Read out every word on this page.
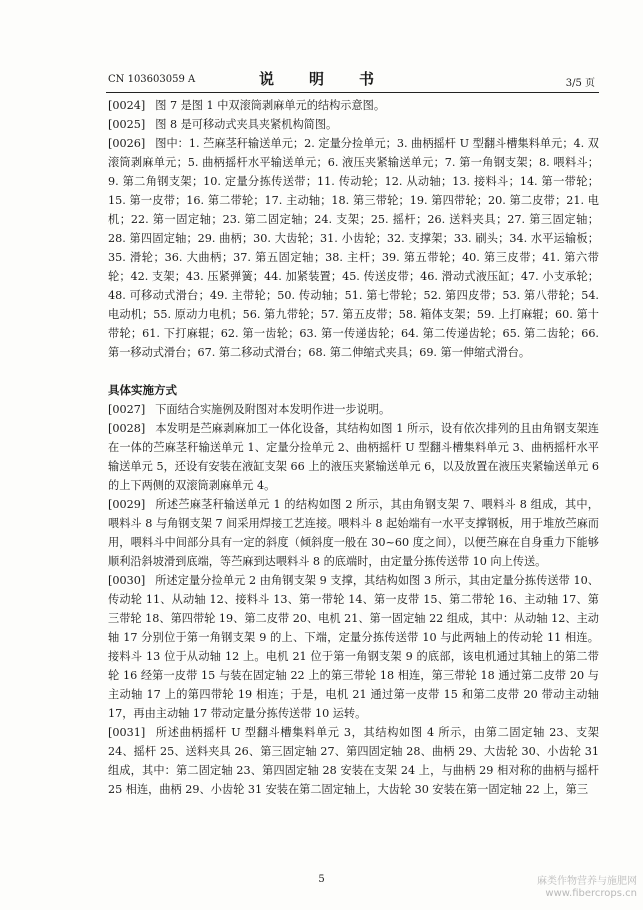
CN 103603059 A	说　明　书	3/5 页

[0024] 图 7 是图 1 中双滚筒剥麻单元的结构示意图。

[0025] 图 8 是可移动式夹具夹紧机构简图。

[0026] 图中：1. 苎麻茎秆输送单元；2. 定量分捡单元；3. 曲柄摇杆 U 型翻斗槽集料单元；4. 双滚筒剥麻单元；5. 曲柄摇杆水平输送单元；6. 液压夹紧输送单元；7. 第一角钢支架；8. 喂料斗；9. 第二角钢支架；10. 定量分拣传送带；11. 传动轮；12. 从动轴；13. 接料斗；14. 第一带轮；15. 第一皮带；16. 第二带轮；17. 主动轴；18. 第三带轮；19. 第四带轮；20. 第二皮带；21. 电机；22. 第一固定轴；23. 第二固定轴；24. 支架；25. 摇杆；26. 送料夹具；27. 第三固定轴；28. 第四固定轴；29. 曲柄；30. 大齿轮；31. 小齿轮；32. 支撑架；33. 刷头；34. 水平运输板；35. 滑轮；36. 大曲柄；37. 第五固定轴；38. 主杆；39. 第五带轮；40. 第三皮带；41. 第六带轮；42. 支架；43. 压紧弹簧；44. 加紧装置；45. 传送皮带；46. 滑动式液压缸；47. 小支承轮；48. 可移动式滑台；49. 主带轮；50. 传动轴；51. 第七带轮；52. 第四皮带；53. 第八带轮；54. 电动机；55. 原动力电机；56. 第九带轮；57. 第五皮带；58. 箱体支架；59. 上打麻辊；60. 第十带轮；61. 下打麻辊；62. 第一齿轮；63. 第一传递齿轮；64. 第二传递齿轮；65. 第二齿轮；66. 第一移动式滑台；67. 第二移动式滑台；68. 第二伸缩式夹具；69. 第一伸缩式滑台。

具体实施方式

[0027] 下面结合实施例及附图对本发明作进一步说明。

[0028] 本发明是苎麻剥麻加工一体化设备，其结构如图 1 所示，设有依次排列的且由角钢支架连在一体的苎麻茎秆输送单元 1、定量分捡单元 2、曲柄摇杆 U 型翻斗槽集料单元 3、曲柄摇杆水平输送单元 5，还设有安装在液缸支架 66 上的液压夹紧输送单元 6，以及放置在液压夹紧输送单元 6 的上下两侧的双滚筒剥麻单元 4。

[0029] 所述苎麻茎秆输送单元 1 的结构如图 2 所示，其由角钢支架 7、喂料斗 8 组成，其中，喂料斗 8 与角钢支架 7 间采用焊接工艺连接。喂料斗 8 起始端有一水平支撑钢板，用于堆放苎麻而用，喂料斗中间部分具有一定的斜度（倾斜度一般在 30~60 度之间），以便苎麻在自身重力下能够顺利沿斜坡滑到底端，等苎麻到达喂料斗 8 的底端时，由定量分拣传送带 10 向上传送。

[0030] 所述定量分捡单元 2 由角钢支架 9 支撑，其结构如图 3 所示，其由定量分拣传送带 10、传动轮 11、从动轴 12、接料斗 13、第一带轮 14、第一皮带 15、第二带轮 16、主动轴 17、第三带轮 18、第四带轮 19、第二皮带 20、电机 21、第一固定轴 22 组成，其中：从动轴 12、主动轴 17 分别位于第一角钢支架 9 的上、下端，定量分拣传送带 10 与此两轴上的传动轮 11 相连。接料斗 13 位于从动轴 12 上。电机 21 位于第一角钢支架 9 的底部，该电机通过其轴上的第二带轮 16 经第一皮带 15 与装在固定轴 22 上的第三带轮 18 相连，第三带轮 18 通过第二皮带 20 与主动轴 17 上的第四带轮 19 相连；于是，电机 21 通过第一皮带 15 和第二皮带 20 带动主动轴 17，再由主动轴 17 带动定量分拣传送带 10 运转。

[0031] 所述曲柄摇杆 U 型翻斗槽集料单元 3，其结构如图 4 所示，由第二固定轴 23、支架 24、摇杆 25、送料夹具 26、第三固定轴 27、第四固定轴 28、曲柄 29、大齿轮 30、小齿轮 31 组成，其中：第二固定轴 23、第四固定轴 28 安装在支架 24 上，与曲柄 29 相对称的曲柄与摇杆 25 相连，曲柄 29、小齿轮 31 安装在第二固定轴上，大齿轮 30 安装在第一固定轴 22 上，第三

5	麻类作物营养与施肥网
www.fibercrops.cn
